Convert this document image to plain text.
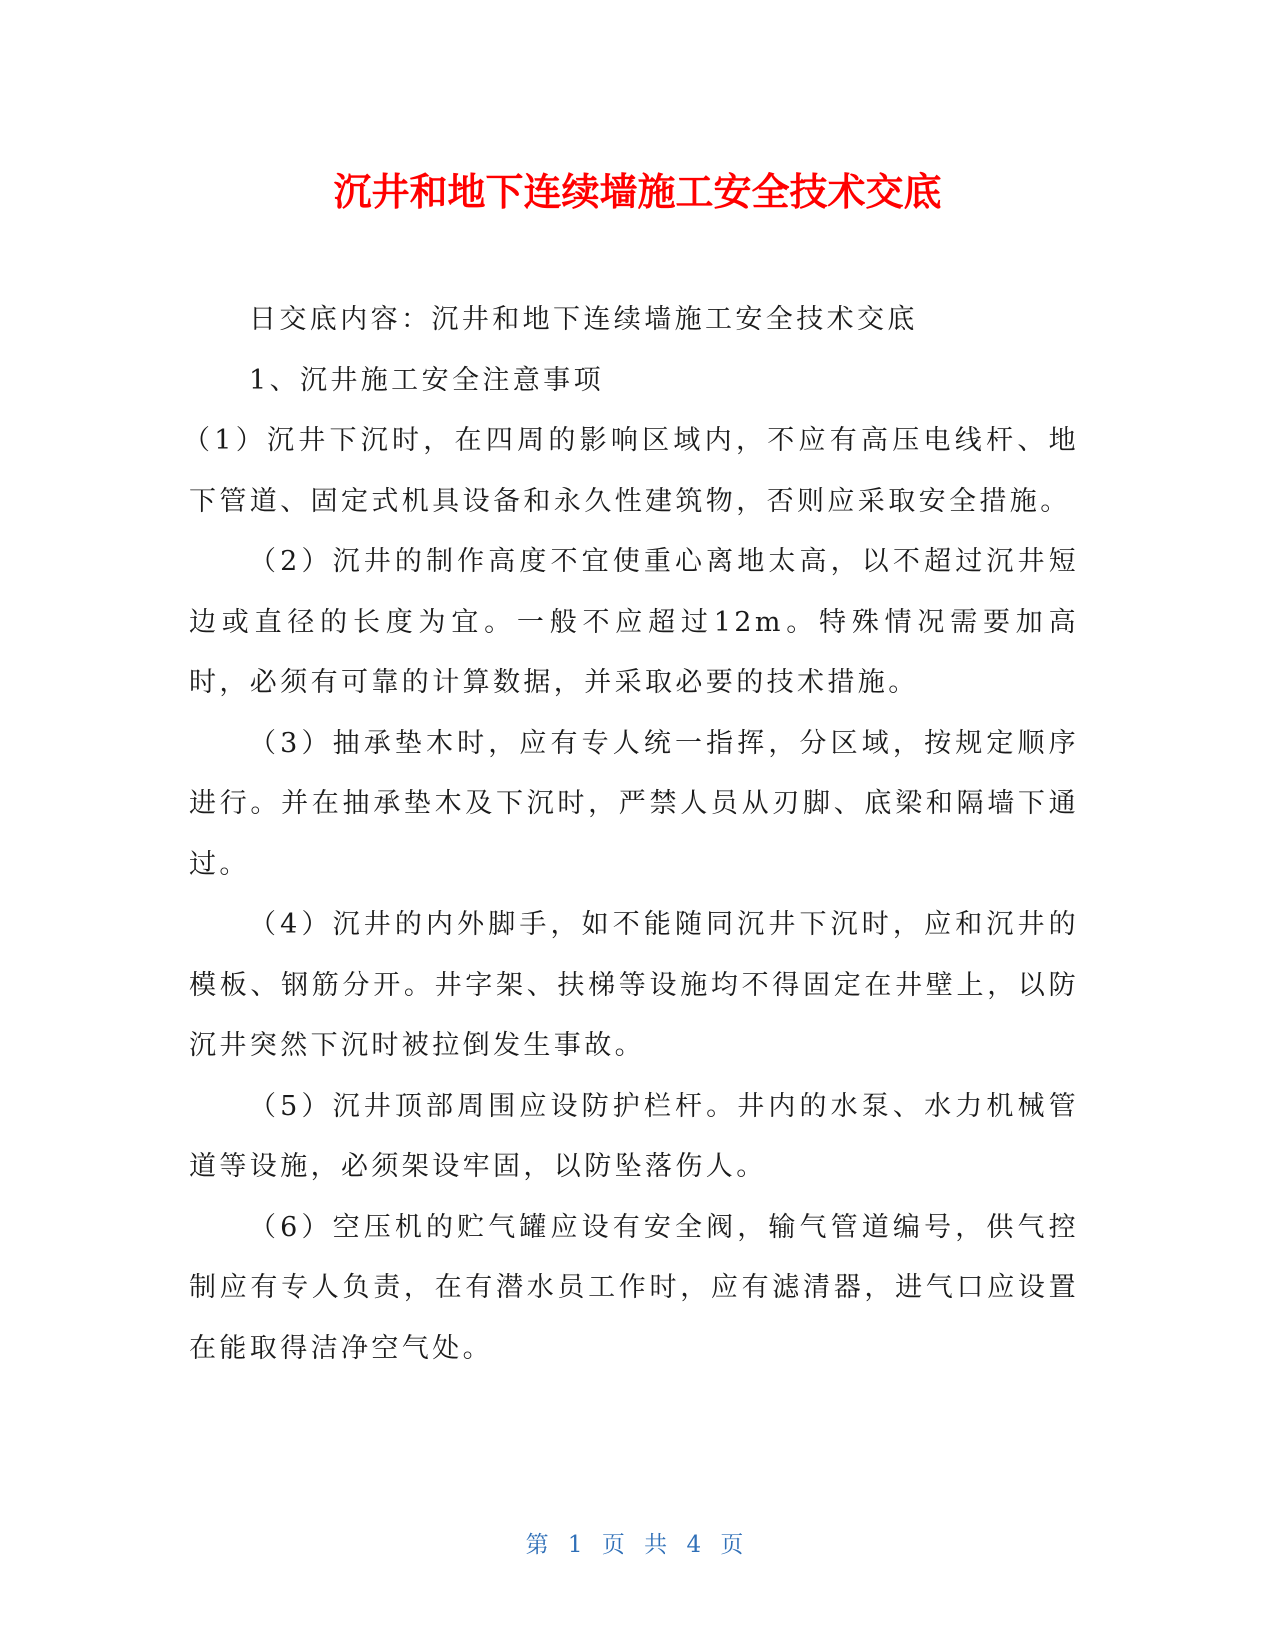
沉井和地下连续墙施工安全技术交底

日交底内容：沉井和地下连续墙施工安全技术交底

1、沉井施工安全注意事项

（1）沉井下沉时，在四周的影响区域内，不应有高压电线杆、地下管道、固定式机具设备和永久性建筑物，否则应采取安全措施。

（2）沉井的制作高度不宜使重心离地太高，以不超过沉井短边或直径的长度为宜。一般不应超过12m。特殊情况需要加高时，必须有可靠的计算数据，并采取必要的技术措施。

（3）抽承垫木时，应有专人统一指挥，分区域，按规定顺序进行。并在抽承垫木及下沉时，严禁人员从刃脚、底梁和隔墙下通过。

（4）沉井的内外脚手，如不能随同沉井下沉时，应和沉井的模板、钢筋分开。井字架、扶梯等设施均不得固定在井壁上，以防沉井突然下沉时被拉倒发生事故。

（5）沉井顶部周围应设防护栏杆。井内的水泵、水力机械管道等设施，必须架设牢固，以防坠落伤人。

（6）空压机的贮气罐应设有安全阀，输气管道编号，供气控制应有专人负责，在有潜水员工作时，应有滤清器，进气口应设置在能取得洁净空气处。

第 1 页 共 4 页
